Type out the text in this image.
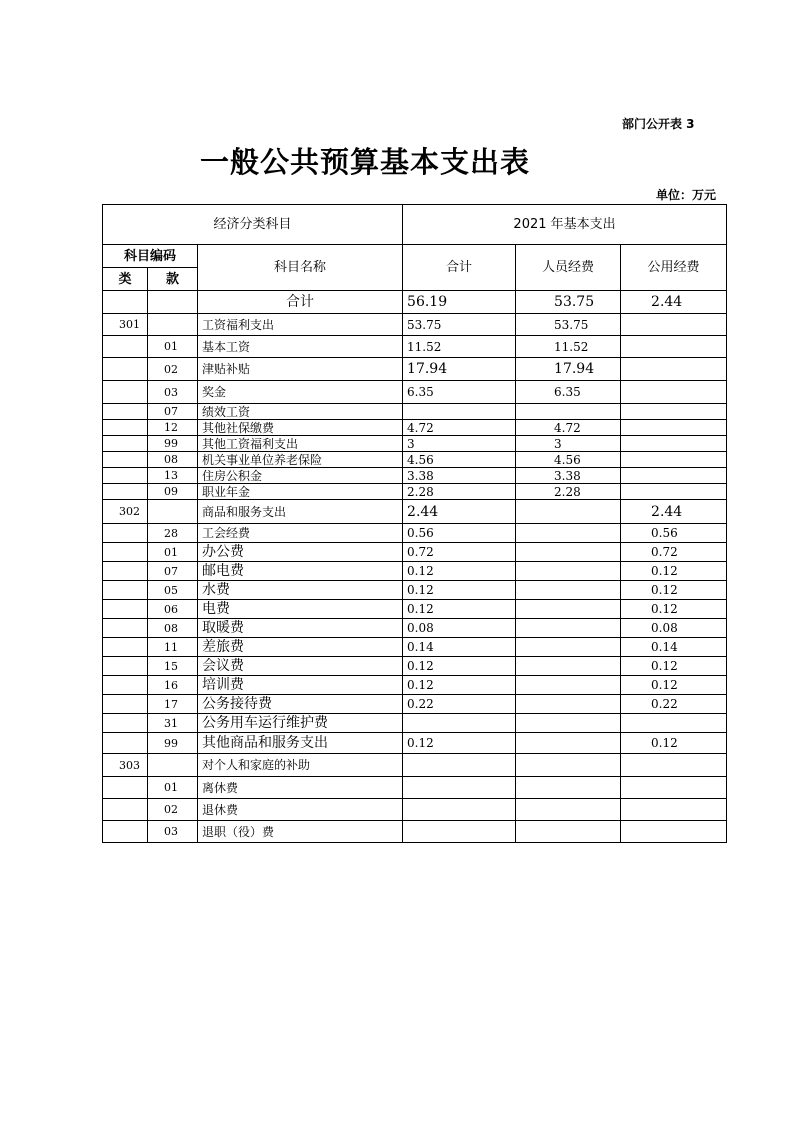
部门公开表 3
一般公共预算基本支出表
单位：万元
经济分类科目			2021 年基本支出		
科目编码		科目名称	合计	人员经费	公用经费
类	款				
		合计	56.19	53.75	2.44
301		工资福利支出	53.75	53.75	
	01	基本工资	11.52	11.52	
	02	津贴补贴	17.94	17.94	
	03	奖金	6.35	6.35	
	07	绩效工资			
	12	其他社保缴费	4.72	4.72	
	99	其他工资福利支出	3	3	
	08	机关事业单位养老保险	4.56	4.56	
	13	住房公积金	3.38	3.38	
	09	职业年金	2.28	2.28	
302		商品和服务支出	2.44		2.44
	28	工会经费	0.56		0.56
	01	办公费	0.72		0.72
	07	邮电费	0.12		0.12
	05	水费	0.12		0.12
	06	电费	0.12		0.12
	08	取暖费	0.08		0.08
	11	差旅费	0.14		0.14
	15	会议费	0.12		0.12
	16	培训费	0.12		0.12
	17	公务接待费	0.22		0.22
	31	公务用车运行维护费			
	99	其他商品和服务支出	0.12		0.12
303		对个人和家庭的补助			
	01	离休费			
	02	退休费			
	03	退职（役）费			
